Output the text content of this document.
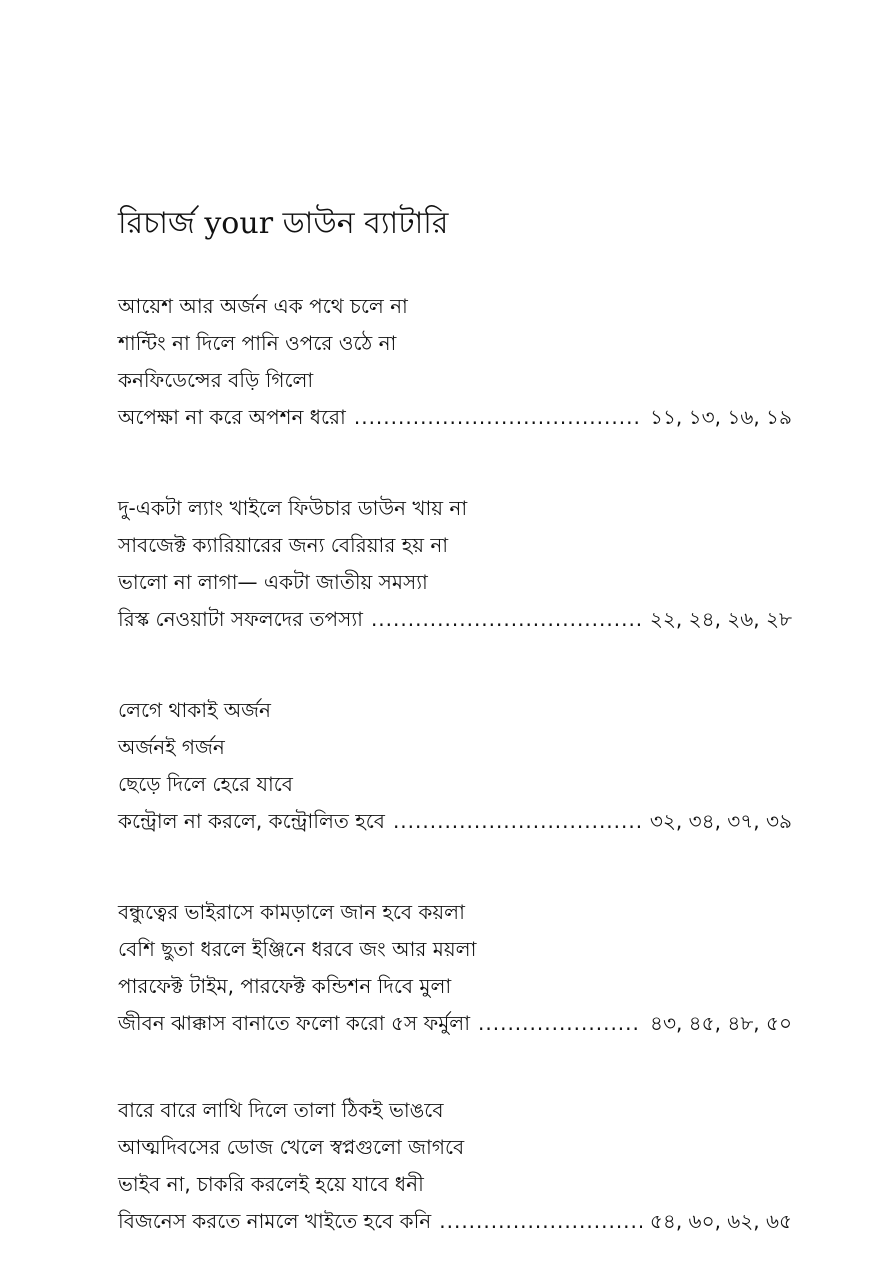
রিচার্জ your ডাউন ব্যাটারি
আয়েশ আর অর্জন এক পথে চলে না
শান্টিং না দিলে পানি ওপরে ওঠে না
কনফিডেন্সের বড়ি গিলো
অপেক্ষা না করে অপশন ধরো .....	১১, ১৩, ১৬, ১৯
দু-একটা ল্যাং খাইলে ফিউচার ডাউন খায় না
সাবজেক্ট ক্যারিয়ারের জন্য বেরিয়ার হয় না
ভালো না লাগা— একটা জাতীয় সমস্যা
রিস্ক নেওয়াটা সফলদের তপস্যা .....	২২, ২৪, ২৬, ২৮
লেগে থাকাই অর্জন
অর্জনই গর্জন
ছেড়ে দিলে হেরে যাবে
কন্ট্রোল না করলে, কন্ট্রোলিত হবে .....	৩২, ৩৪, ৩৭, ৩৯
বন্ধুত্বের ভাইরাসে কামড়ালে জান হবে কয়লা
বেশি ছুতা ধরলে ইঞ্জিনে ধরবে জং আর ময়লা
পারফেক্ট টাইম, পারফেক্ট কন্ডিশন দিবে মুলা
জীবন ঝাক্কাস বানাতে ফলো করো ৫স ফর্মুলা .....	৪৩, ৪৫, ৪৮, ৫০
বারে বারে লাথি দিলে তালা ঠিকই ভাঙবে
আত্মদিবসের ডোজ খেলে স্বপ্নগুলো জাগবে
ভাইব না, চাকরি করলেই হয়ে যাবে ধনী
বিজনেস করতে নামলে খাইতে হবে কনি .....	৫৪, ৬০, ৬২, ৬৫
